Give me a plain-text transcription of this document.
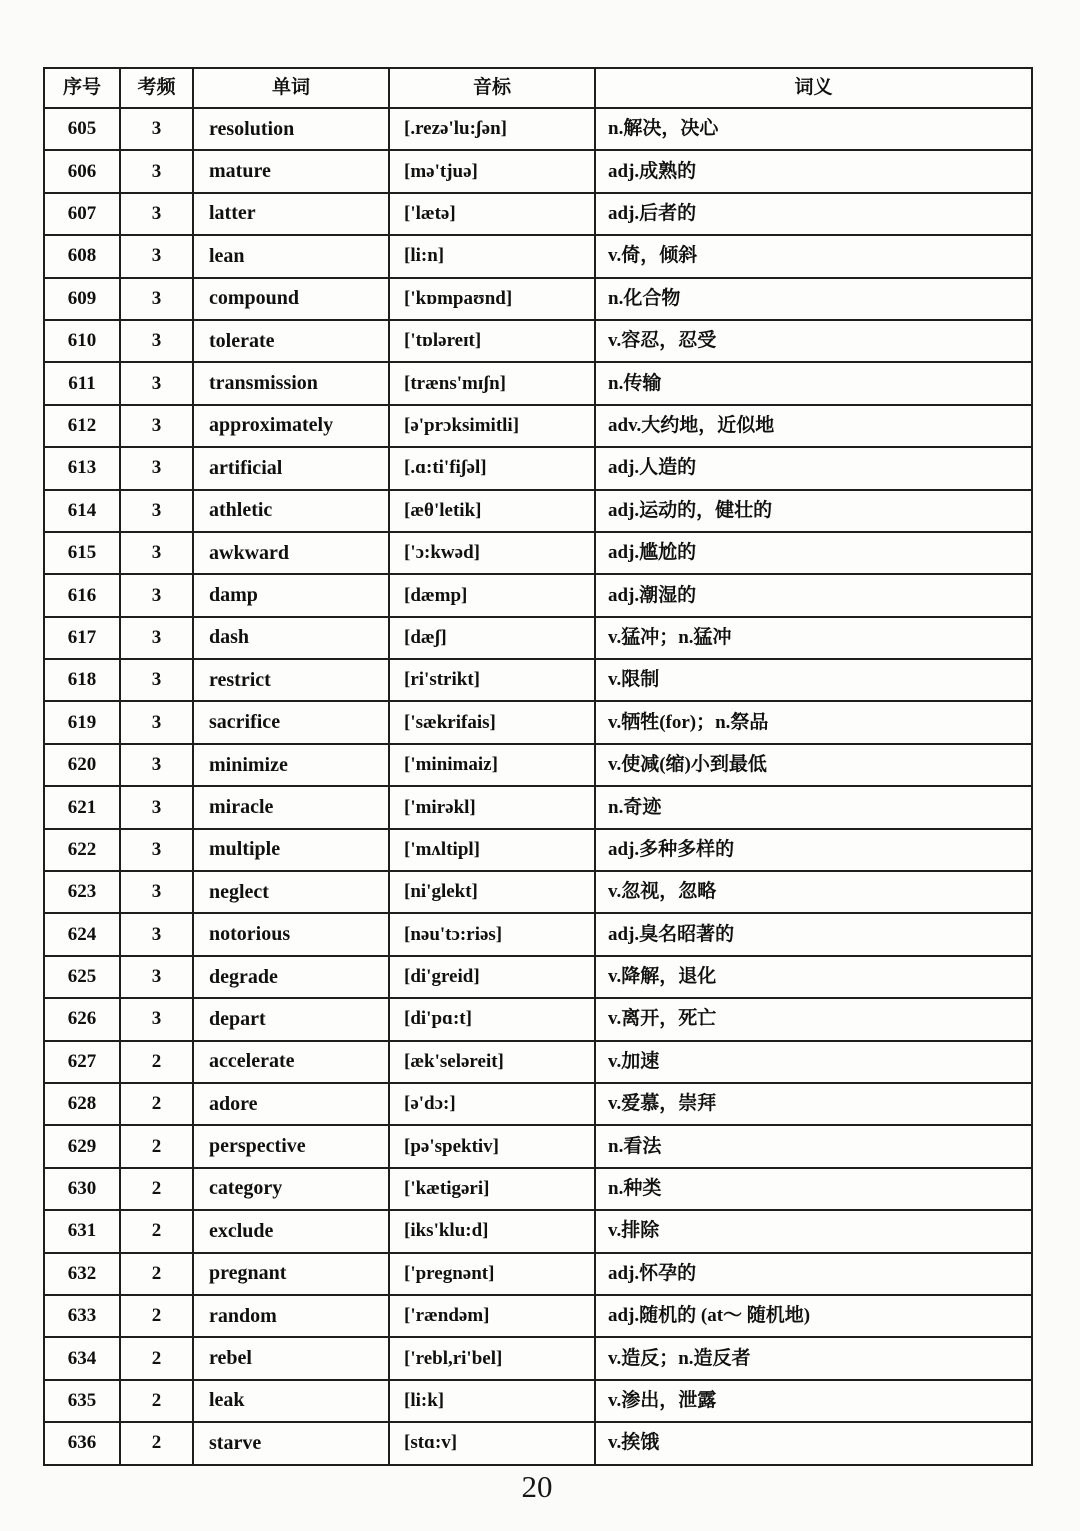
序号	考频	单词	音标	词义
605	3	resolution	[.rezə'lu:ʃən]	n.解决，决心
606	3	mature	[mə'tjuə]	adj.成熟的
607	3	latter	['lætə]	adj.后者的
608	3	lean	[li:n]	v.倚，倾斜
609	3	compound	['kɒmpaʊnd]	n.化合物
610	3	tolerate	['tɒləreɪt]	v.容忍，忍受
611	3	transmission	[træns'mɪʃn]	n.传输
612	3	approximately	[ə'prɔksimitli]	adv.大约地，近似地
613	3	artificial	[.ɑ:ti'fiʃəl]	adj.人造的
614	3	athletic	[æθ'letik]	adj.运动的，健壮的
615	3	awkward	['ɔ:kwəd]	adj.尴尬的
616	3	damp	[dæmp]	adj.潮湿的
617	3	dash	[dæʃ]	v.猛冲；n.猛冲
618	3	restrict	[ri'strikt]	v.限制
619	3	sacrifice	['sækrifais]	v.牺牲(for)；n.祭品
620	3	minimize	['minimaiz]	v.使减(缩)小到最低
621	3	miracle	['mirəkl]	n.奇迹
622	3	multiple	['mʌltipl]	adj.多种多样的
623	3	neglect	[ni'glekt]	v.忽视，忽略
624	3	notorious	[nəu'tɔ:riəs]	adj.臭名昭著的
625	3	degrade	[di'greid]	v.降解，退化
626	3	depart	[di'pɑ:t]	v.离开，死亡
627	2	accelerate	[æk'seləreit]	v.加速
628	2	adore	[ə'dɔ:]	v.爱慕，崇拜
629	2	perspective	[pə'spektiv]	n.看法
630	2	category	['kætigəri]	n.种类
631	2	exclude	[iks'klu:d]	v.排除
632	2	pregnant	['pregnənt]	adj.怀孕的
633	2	random	['rændəm]	adj.随机的 (at～ 随机地)
634	2	rebel	['rebl,ri'bel]	v.造反；n.造反者
635	2	leak	[li:k]	v.渗出，泄露
636	2	starve	[stɑ:v]	v.挨饿
20
